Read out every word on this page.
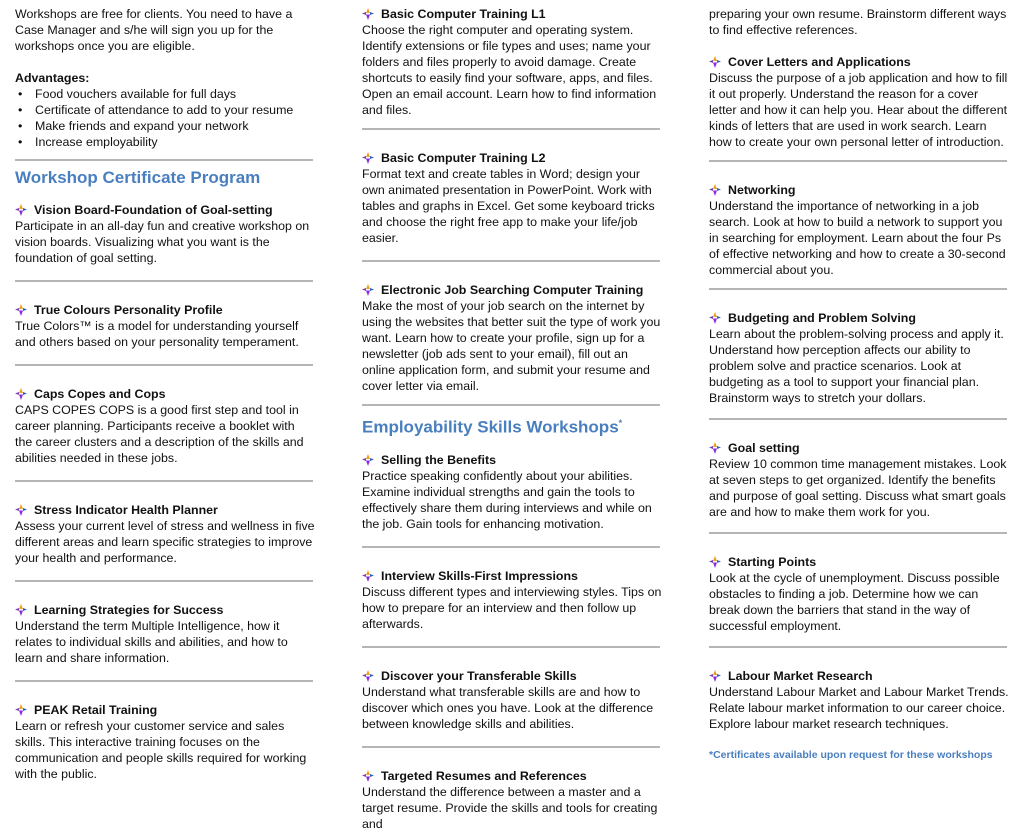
Workshops are free for clients. You need to have a Case Manager and s/he will sign you up for the workshops once you are eligible.

Advantages:
• Food vouchers available for full days
• Certificate of attendance to add to your resume
• Make friends and expand your network
• Increase employability
Workshop Certificate Program
Vision Board-Foundation of Goal-setting
Participate in an all-day fun and creative workshop on vision boards. Visualizing what you want is the foundation of goal setting.
True Colours Personality Profile
True Colors™ is a model for understanding yourself and others based on your personality temperament.
Caps Copes and Cops
CAPS COPES COPS is a good first step and tool in career planning. Participants receive a booklet with the career clusters and a description of the skills and abilities needed in these jobs.
Stress Indicator Health Planner
Assess your current level of stress and wellness in five different areas and learn specific strategies to improve your health and performance.
Learning Strategies for Success
Understand the term Multiple Intelligence, how it relates to individual skills and abilities, and how to learn and share information.
PEAK Retail Training
Learn or refresh your customer service and sales skills. This interactive training focuses on the communication and people skills required for working with the public.
Basic Computer Training L1
Choose the right computer and operating system. Identify extensions or file types and uses; name your folders and files properly to avoid damage. Create shortcuts to easily find your software, apps, and files. Open an email account. Learn how to find information and files.
Basic Computer Training L2
Format text and create tables in Word; design your own animated presentation in PowerPoint. Work with tables and graphs in Excel. Get some keyboard tricks and choose the right free app to make your life/job easier.
Electronic Job Searching Computer Training
Make the most of your job search on the internet by using the websites that better suit the type of work you want. Learn how to create your profile, sign up for a newsletter (job ads sent to your email), fill out an online application form, and submit your resume and cover letter via email.
Employability Skills Workshops*
Selling the Benefits
Practice speaking confidently about your abilities. Examine individual strengths and gain the tools to effectively share them during interviews and while on the job. Gain tools for enhancing motivation.
Interview Skills-First Impressions
Discuss different types and interviewing styles. Tips on how to prepare for an interview and then follow up afterwards.
Discover your Transferable Skills
Understand what transferable skills are and how to discover which ones you have. Look at the difference between knowledge skills and abilities.
Targeted Resumes and References
Understand the difference between a master and a target resume. Provide the skills and tools for creating and

preparing your own resume. Brainstorm different ways to find effective references.

Cover Letters and Applications
Discuss the purpose of a job application and how to fill it out properly. Understand the reason for a cover letter and how it can help you. Hear about the different kinds of letters that are used in work search. Learn how to create your own personal letter of introduction.
Networking
Understand the importance of networking in a job search. Look at how to build a network to support you in searching for employment. Learn about the four Ps of effective networking and how to create a 30-second commercial about you.
Budgeting and Problem Solving
Learn about the problem-solving process and apply it. Understand how perception affects our ability to problem solve and practice scenarios. Look at budgeting as a tool to support your financial plan. Brainstorm ways to stretch your dollars.
Goal setting
Review 10 common time management mistakes. Look at seven steps to get organized. Identify the benefits and purpose of goal setting. Discuss what smart goals are and how to make them work for you.
Starting Points
Look at the cycle of unemployment. Discuss possible obstacles to finding a job. Determine how we can break down the barriers that stand in the way of successful employment.
Labour Market Research
Understand Labour Market and Labour Market Trends. Relate labour market information to our career choice. Explore labour market research techniques.
*Certificates available upon request for these workshops
